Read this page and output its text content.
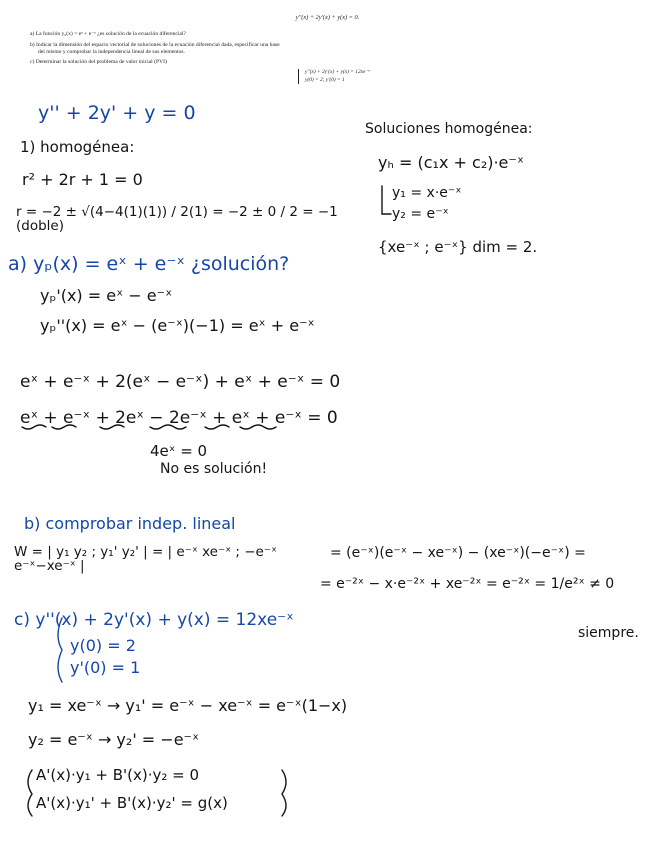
y''(x) + 2y'(x) + y(x) = 0.
a) La función y₀(x) = eˣ + e⁻ˣ ¿es solución de la ecuación diferencial?
b) Indicar la dimensión del espacio vectorial de soluciones de la ecuación diferencial dada, especificar una base
del mismo y comprobar la independencia lineal de sus elementos.
c) Determinar la solución del problema de valor inicial (PVI)
y''(x) + 2y'(x) + y(x) = 12xe⁻ˣ
y(0) = 2; y'(0) = 1
y'' + 2y' + y = 0
1) homogénea:
r² + 2r + 1 = 0
r = −2 ± √(4−4(1)(1)) / 2(1) = −2 ± 0 / 2 = −1 (doble)
Soluciones homogénea:
yₕ = (c₁x + c₂)·e⁻ˣ
y₁ = x·e⁻ˣ
y₂ = e⁻ˣ
{xe⁻ˣ ; e⁻ˣ} dim = 2.
a) yₚ(x) = eˣ + e⁻ˣ ¿solución?
yₚ'(x) = eˣ − e⁻ˣ
yₚ''(x) = eˣ − (e⁻ˣ)(−1) = eˣ + e⁻ˣ
eˣ + e⁻ˣ + 2(eˣ − e⁻ˣ) + eˣ + e⁻ˣ = 0
eˣ + e⁻ˣ + 2eˣ − 2e⁻ˣ + eˣ + e⁻ˣ = 0
4eˣ = 0
No es solución!
b) comprobar indep. lineal
W = | y₁ y₂ ; y₁' y₂' | = | e⁻ˣ xe⁻ˣ ; −e⁻ˣ e⁻ˣ−xe⁻ˣ |
= (e⁻ˣ)(e⁻ˣ − xe⁻ˣ) − (xe⁻ˣ)(−e⁻ˣ) =
= e⁻²ˣ − x·e⁻²ˣ + xe⁻²ˣ = e⁻²ˣ = 1/e²ˣ ≠ 0
siempre.
c) y''(x) + 2y'(x) + y(x) = 12xe⁻ˣ
y(0) = 2
y'(0) = 1
y₁ = xe⁻ˣ → y₁' = e⁻ˣ − xe⁻ˣ = e⁻ˣ(1−x)
y₂ = e⁻ˣ → y₂' = −e⁻ˣ
A'(x)·y₁ + B'(x)·y₂ = 0
A'(x)·y₁' + B'(x)·y₂' = g(x)
